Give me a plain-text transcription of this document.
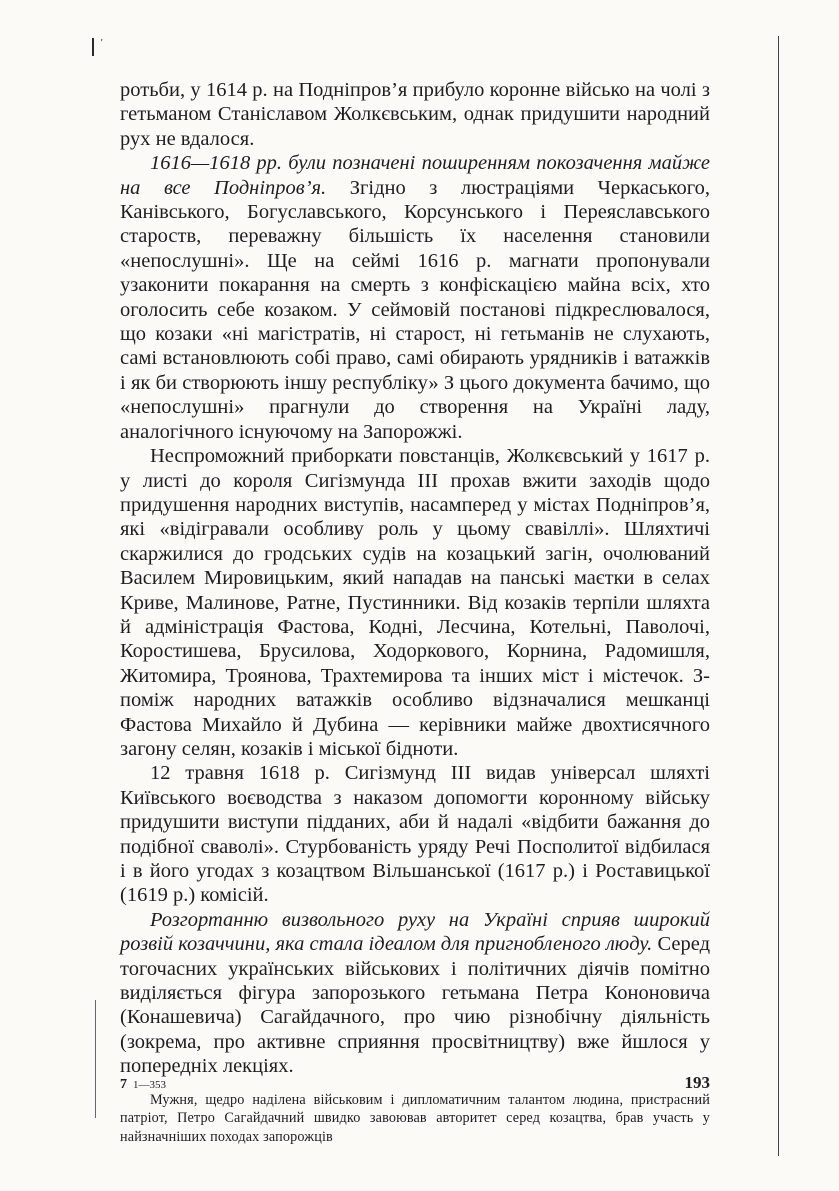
’

ротьби, у 1614 р. на Подніпров’я прибуло коронне військо на чолі з гетьманом Станіславом Жолкєвським, однак придушити народний рух не вдалося.

1616—1618 рр. були позначені поширенням покозачення майже на все Подніпров’я. Згідно з люстраціями Черкаського, Канівського, Богуславського, Корсунського і Переяславського староств, переважну більшість їх населення становили «непослушні». Ще на сеймі 1616 р. магнати пропонували узаконити покарання на смерть з конфіскацією майна всіх, хто оголосить себе козаком. У сеймовій постанові підкреслювалося, що козаки «ні магістратів, ні старост, ні гетьманів не слухають, самі встановлюють собі право, самі обирають урядників і ватажків і як би створюють іншу республіку» З цього документа бачимо, що «непослушні» прагнули до створення на Україні ладу, аналогічного існуючому на Запорожжі.

Неспроможний приборкати повстанців, Жолкєвський у 1617 р. у листі до короля Сигізмунда III прохав вжити заходів щодо придушення народних виступів, насамперед у містах Подніпров’я, які «відігравали особливу роль у цьому свавіллі». Шляхтичі скаржилися до гродських судів на козацький загін, очолюваний Василем Мировицьким, який нападав на панські маєтки в селах Криве, Малинове, Ратне, Пустинники. Від козаків терпіли шляхта й адміністрація Фастова, Кодні, Лесчина, Котельні, Паволочі, Коростишева, Брусилова, Ходоркового, Корнина, Радомишля, Житомира, Троянова, Трахтемирова та інших міст і містечок. З-поміж народних ватажків особливо відзначалися мешканці Фастова Михайло й Дубина — керівники майже двохтисячного загону селян, козаків і міської бідноти.

12 травня 1618 р. Сигізмунд III видав універсал шляхті Київського воєводства з наказом допомогти коронному війську придушити виступи підданих, аби й надалі «відбити бажання до подібної сваволі». Стурбованість уряду Речі Посполитої відбилася і в його угодах з козацтвом Вільшанської (1617 р.) і Роставицької (1619 р.) комісій.

Розгортанню визвольного руху на Україні сприяв широкий розвій козаччини, яка стала ідеалом для пригнобленого люду. Серед тогочасних українських військових і політичних діячів помітно виділяється фігура запорозького гетьмана Петра Кононовича (Конашевича) Сагайдачного, про чию різнобічну діяльність (зокрема, про активне сприяння просвітництву) вже йшлося у попередніх лекціях.

Мужня, щедро наділена військовим і дипломатичним талантом людина, пристрасний патріот, Петро Сагайдачний швидко завоював авторитет серед козацтва, брав участь у найзначніших походах запорожців

7 1—353	193
